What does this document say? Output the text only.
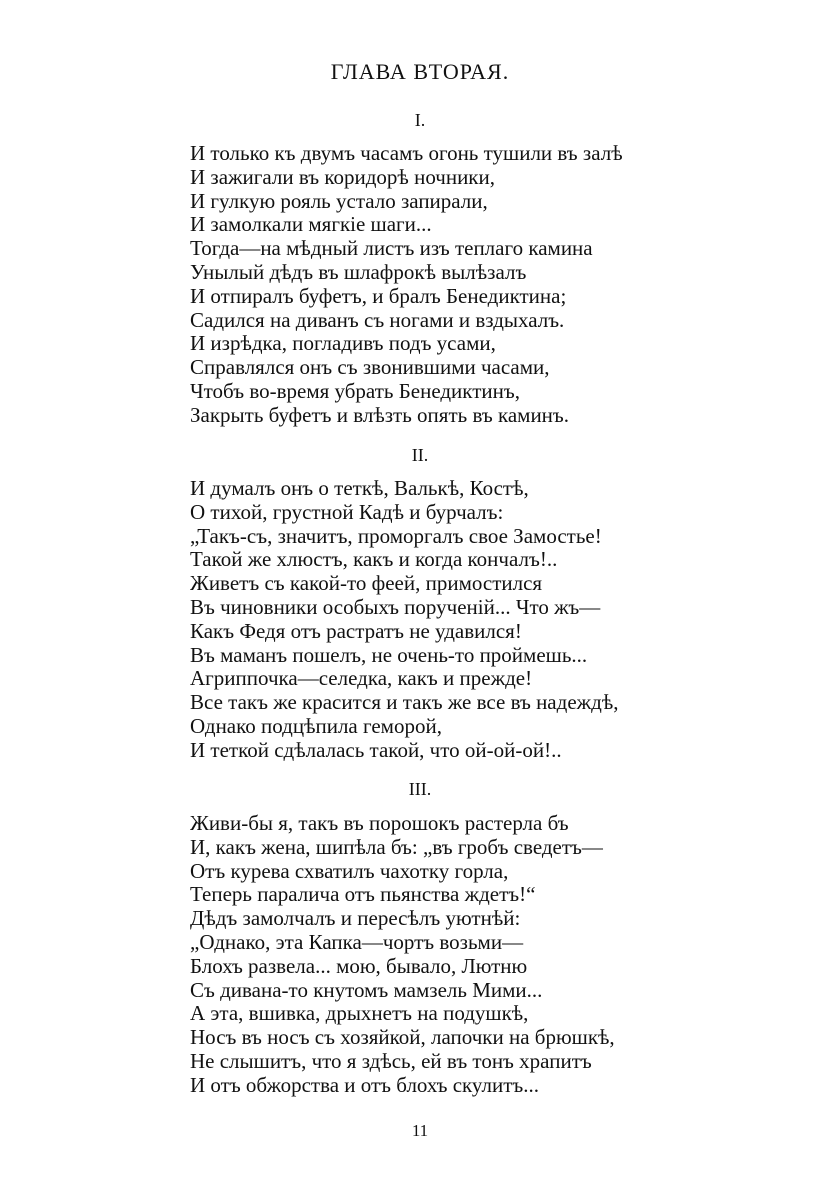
ГЛАВА ВТОРАЯ.
I.
И только къ двумъ часамъ огонь тушили въ залѣ
И зажигали въ коридорѣ ночники,
И гулкую рояль устало запирали,
И замолкали мягкіе шаги...
Тогда—на мѣдный листъ изъ теплаго камина
Унылый дѣдъ въ шлафрокѣ вылѣзалъ
И отпиралъ буфетъ, и бралъ Бенедиктина;
Садился на диванъ съ ногами и вздыхалъ.
И изрѣдка, погладивъ подъ усами,
Справлялся онъ съ звонившими часами,
Чтобъ во-время убрать Бенедиктинъ,
Закрыть буфетъ и влѣзть опять въ каминъ.
II.
И думалъ онъ о теткѣ, Валькѣ, Костѣ,
О тихой, грустной Кадѣ и бурчалъ:
„Такъ-съ, значитъ, проморгалъ свое Замостье!
Такой же хлюстъ, какъ и когда кончалъ!..
Живетъ съ какой-то феей, примостился
Въ чиновники особыхъ порученій... Что жъ—
Какъ Федя отъ растратъ не удавился!
Въ маманъ пошелъ, не очень-то проймешь...
Агриппочка—селедка, какъ и прежде!
Все такъ же красится и такъ же все въ надеждѣ,
Однако подцѣпила геморой,
И теткой сдѣлалась такой, что ой-ой-ой!..
III.
Живи-бы я, такъ въ порошокъ растерла бъ
И, какъ жена, шипѣла бъ: „въ гробъ сведетъ—
Отъ курева схватилъ чахотку горла,
Теперь паралича отъ пьянства ждетъ!“
Дѣдъ замолчалъ и пересѣлъ уютнѣй:
„Однако, эта Капка—чортъ возьми—
Блохъ развела... мою, бывало, Лютню
Съ дивана-то кнутомъ мамзель Мими...
А эта, вшивка, дрыхнетъ на подушкѣ,
Носъ въ носъ съ хозяйкой, лапочки на брюшкѣ,
Не слышитъ, что я здѣсь, ей въ тонъ храпитъ
И отъ обжорства и отъ блохъ скулитъ...
11
